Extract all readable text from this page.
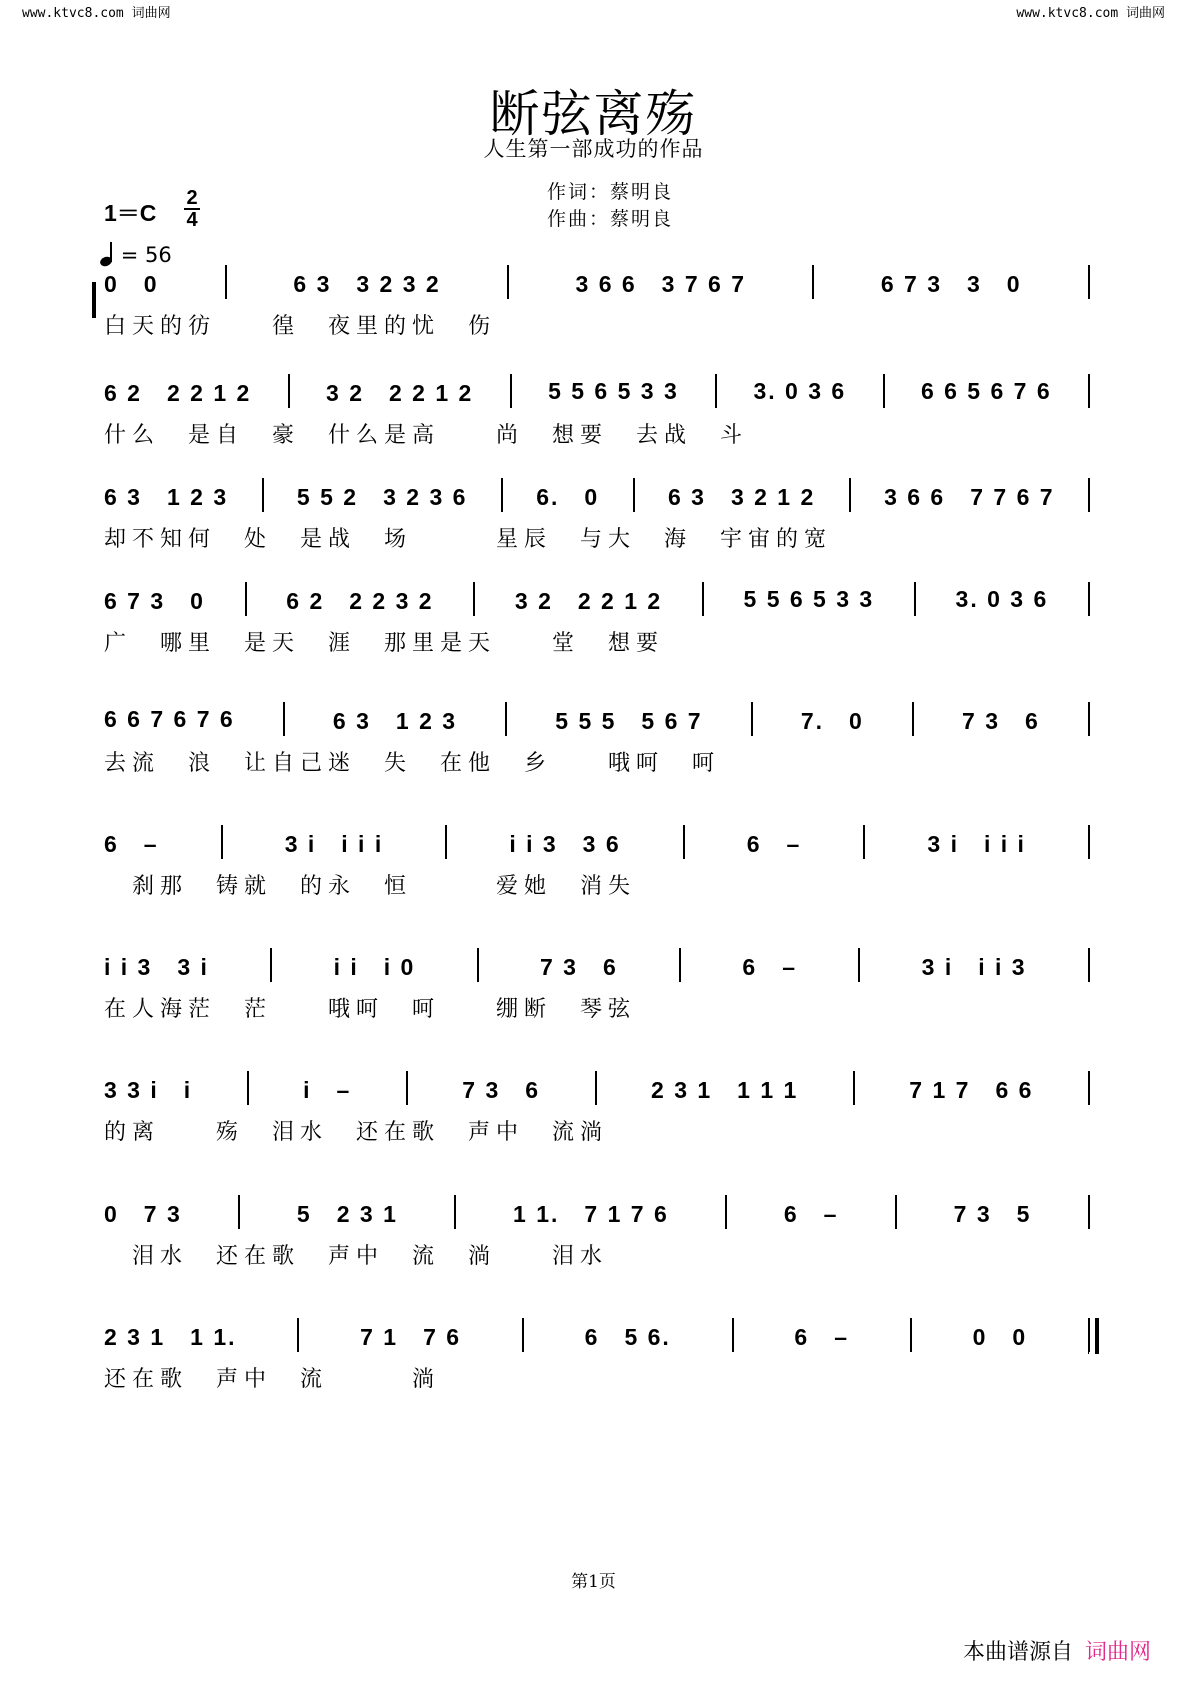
www.ktvc8.com 词曲网	www.ktvc8.com 词曲网
断弦离殇
人生第一部成功的作品
作词：蔡明良
作曲：蔡明良
1＝C
2
4
= 56
0　0	6 3　3 2 3 2	3 6 6　3 7 6 7	6 7 3　3　0
白天的彷　　徨　夜里的忧　伤
6 2　2 2 1 2	3 2　2 2 1 2	5 5 6 5 3 3	3. 0 3 6	6 6 5 6 7 6
什么　是自　豪　什么是高　　尚　想要　去战　斗
6 3　1 2 3	5 5 2　3 2 3 6	6.　0	6 3　3 2 1 2	3 6 6　7 7 6 7
却不知何　处　是战　场　　　星辰　与大　海　宇宙的宽
6 7 3　0	6 2　2 2 3 2	3 2　2 2 1 2	5 5 6 5 3 3	3. 0 3 6
广　哪里　是天　涯　那里是天　　堂　想要
6 6 7 6 7 6	6 3　1 2 3	5 5 5　5 6 7	7.　0	7 3　6
去流　浪　让自己迷　失　在他　乡　　哦呵　呵
6　–	3 i　i i i	i i 3　3 6	6　–	3 i　i i i
　刹那　铸就　的永　恒　　　爱她　消失
i i 3　3 i	i i　i 0	7 3　6	6　–	3 i　i i 3
在人海茫　茫　　哦呵　呵　　绷断　琴弦
3 3 i　i	i　–	7 3　6	2 3 1　1 1 1	7 1 7　6 6
的离　　殇　泪水　还在歌　声中　流淌
0　7 3	5　2 3 1	1 1.　7 1 7 6	6　–	7 3　5
　泪水　还在歌　声中　流　淌　　泪水
2 3 1　1 1.	7 1　7 6	6　5 6.	6　–	0　0
还在歌　声中　流　　　淌
第1页
本曲谱源自 词曲网
